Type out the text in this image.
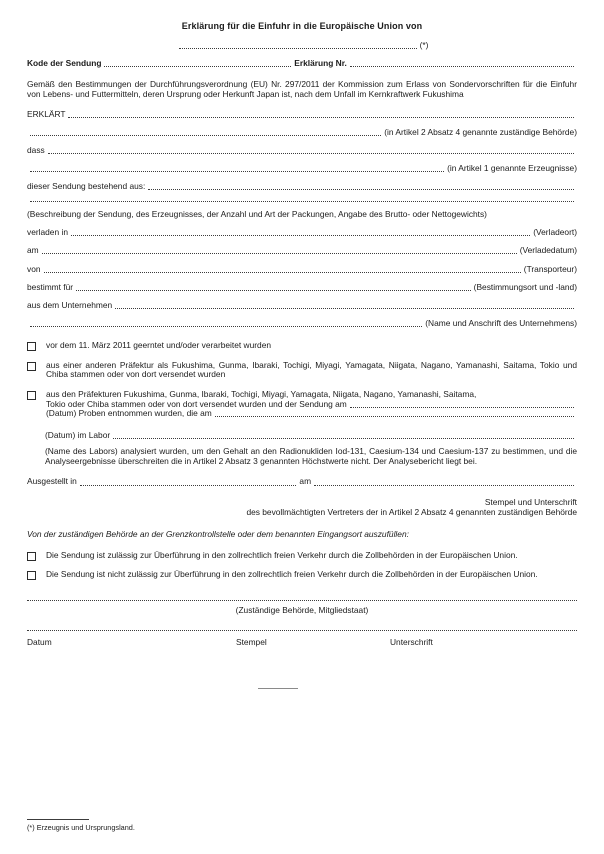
Erklärung für die Einfuhr in die Europäische Union von
(*)
Kode der Sendung	Erklärung Nr.
Gemäß den Bestimmungen der Durchführungsverordnung (EU) Nr. 297/2011 der Kommission zum Erlass von Sondervorschriften für die Einfuhr von Lebens- und Futtermitteln, deren Ursprung oder Herkunft Japan ist, nach dem Unfall im Kernkraftwerk Fukushima
ERKLÄRT
(in Artikel 2 Absatz 4 genannte zuständige Behörde)
dass
(in Artikel 1 genannte Erzeugnisse)
dieser Sendung bestehend aus:
(Beschreibung der Sendung, des Erzeugnisses, der Anzahl und Art der Packungen, Angabe des Brutto- oder Nettogewichts)
verladen in	(Verladeort)
am	(Verladedatum)
von	(Transporteur)
bestimmt für	(Bestimmungsort und -land)
aus dem Unternehmen
(Name und Anschrift des Unternehmens)
vor dem 11. März 2011 geerntet und/oder verarbeitet wurden
aus einer anderen Präfektur als Fukushima, Gunma, Ibaraki, Tochigi, Miyagi, Yamagata, Niigata, Nagano, Yamanashi, Saitama, Tokio und Chiba stammen oder von dort versendet wurden
aus den Präfekturen Fukushima, Gunma, Ibaraki, Tochigi, Miyagi, Yamagata, Niigata, Nagano, Yamanashi, Saitama,
Tokio oder Chiba stammen oder von dort versendet wurden und der Sendung am
(Datum) Proben entnommen wurden, die am
(Datum) im Labor
(Name des Labors) analysiert wurden, um den Gehalt an den Radionukliden Iod-131, Caesium-134 und Caesium-137 zu bestimmen, und die Analyseergebnisse überschreiten die in Artikel 2 Absatz 3 genannten Höchstwerte nicht. Der Analysebericht liegt bei.
Ausgestellt in	am
Stempel und Unterschrift
des bevollmächtigten Vertreters der in Artikel 2 Absatz 4 genannten zuständigen Behörde
Von der zuständigen Behörde an der Grenzkontrollstelle oder dem benannten Eingangsort auszufüllen:
Die Sendung ist zulässig zur Überführung in den zollrechtlich freien Verkehr durch die Zollbehörden in der Europäischen Union.
Die Sendung ist nicht zulässig zur Überführung in den zollrechtlich freien Verkehr durch die Zollbehörden in der Europäischen Union.
(Zuständige Behörde, Mitgliedstaat)
Datum	Stempel	Unterschrift
(*) Erzeugnis und Ursprungsland.
